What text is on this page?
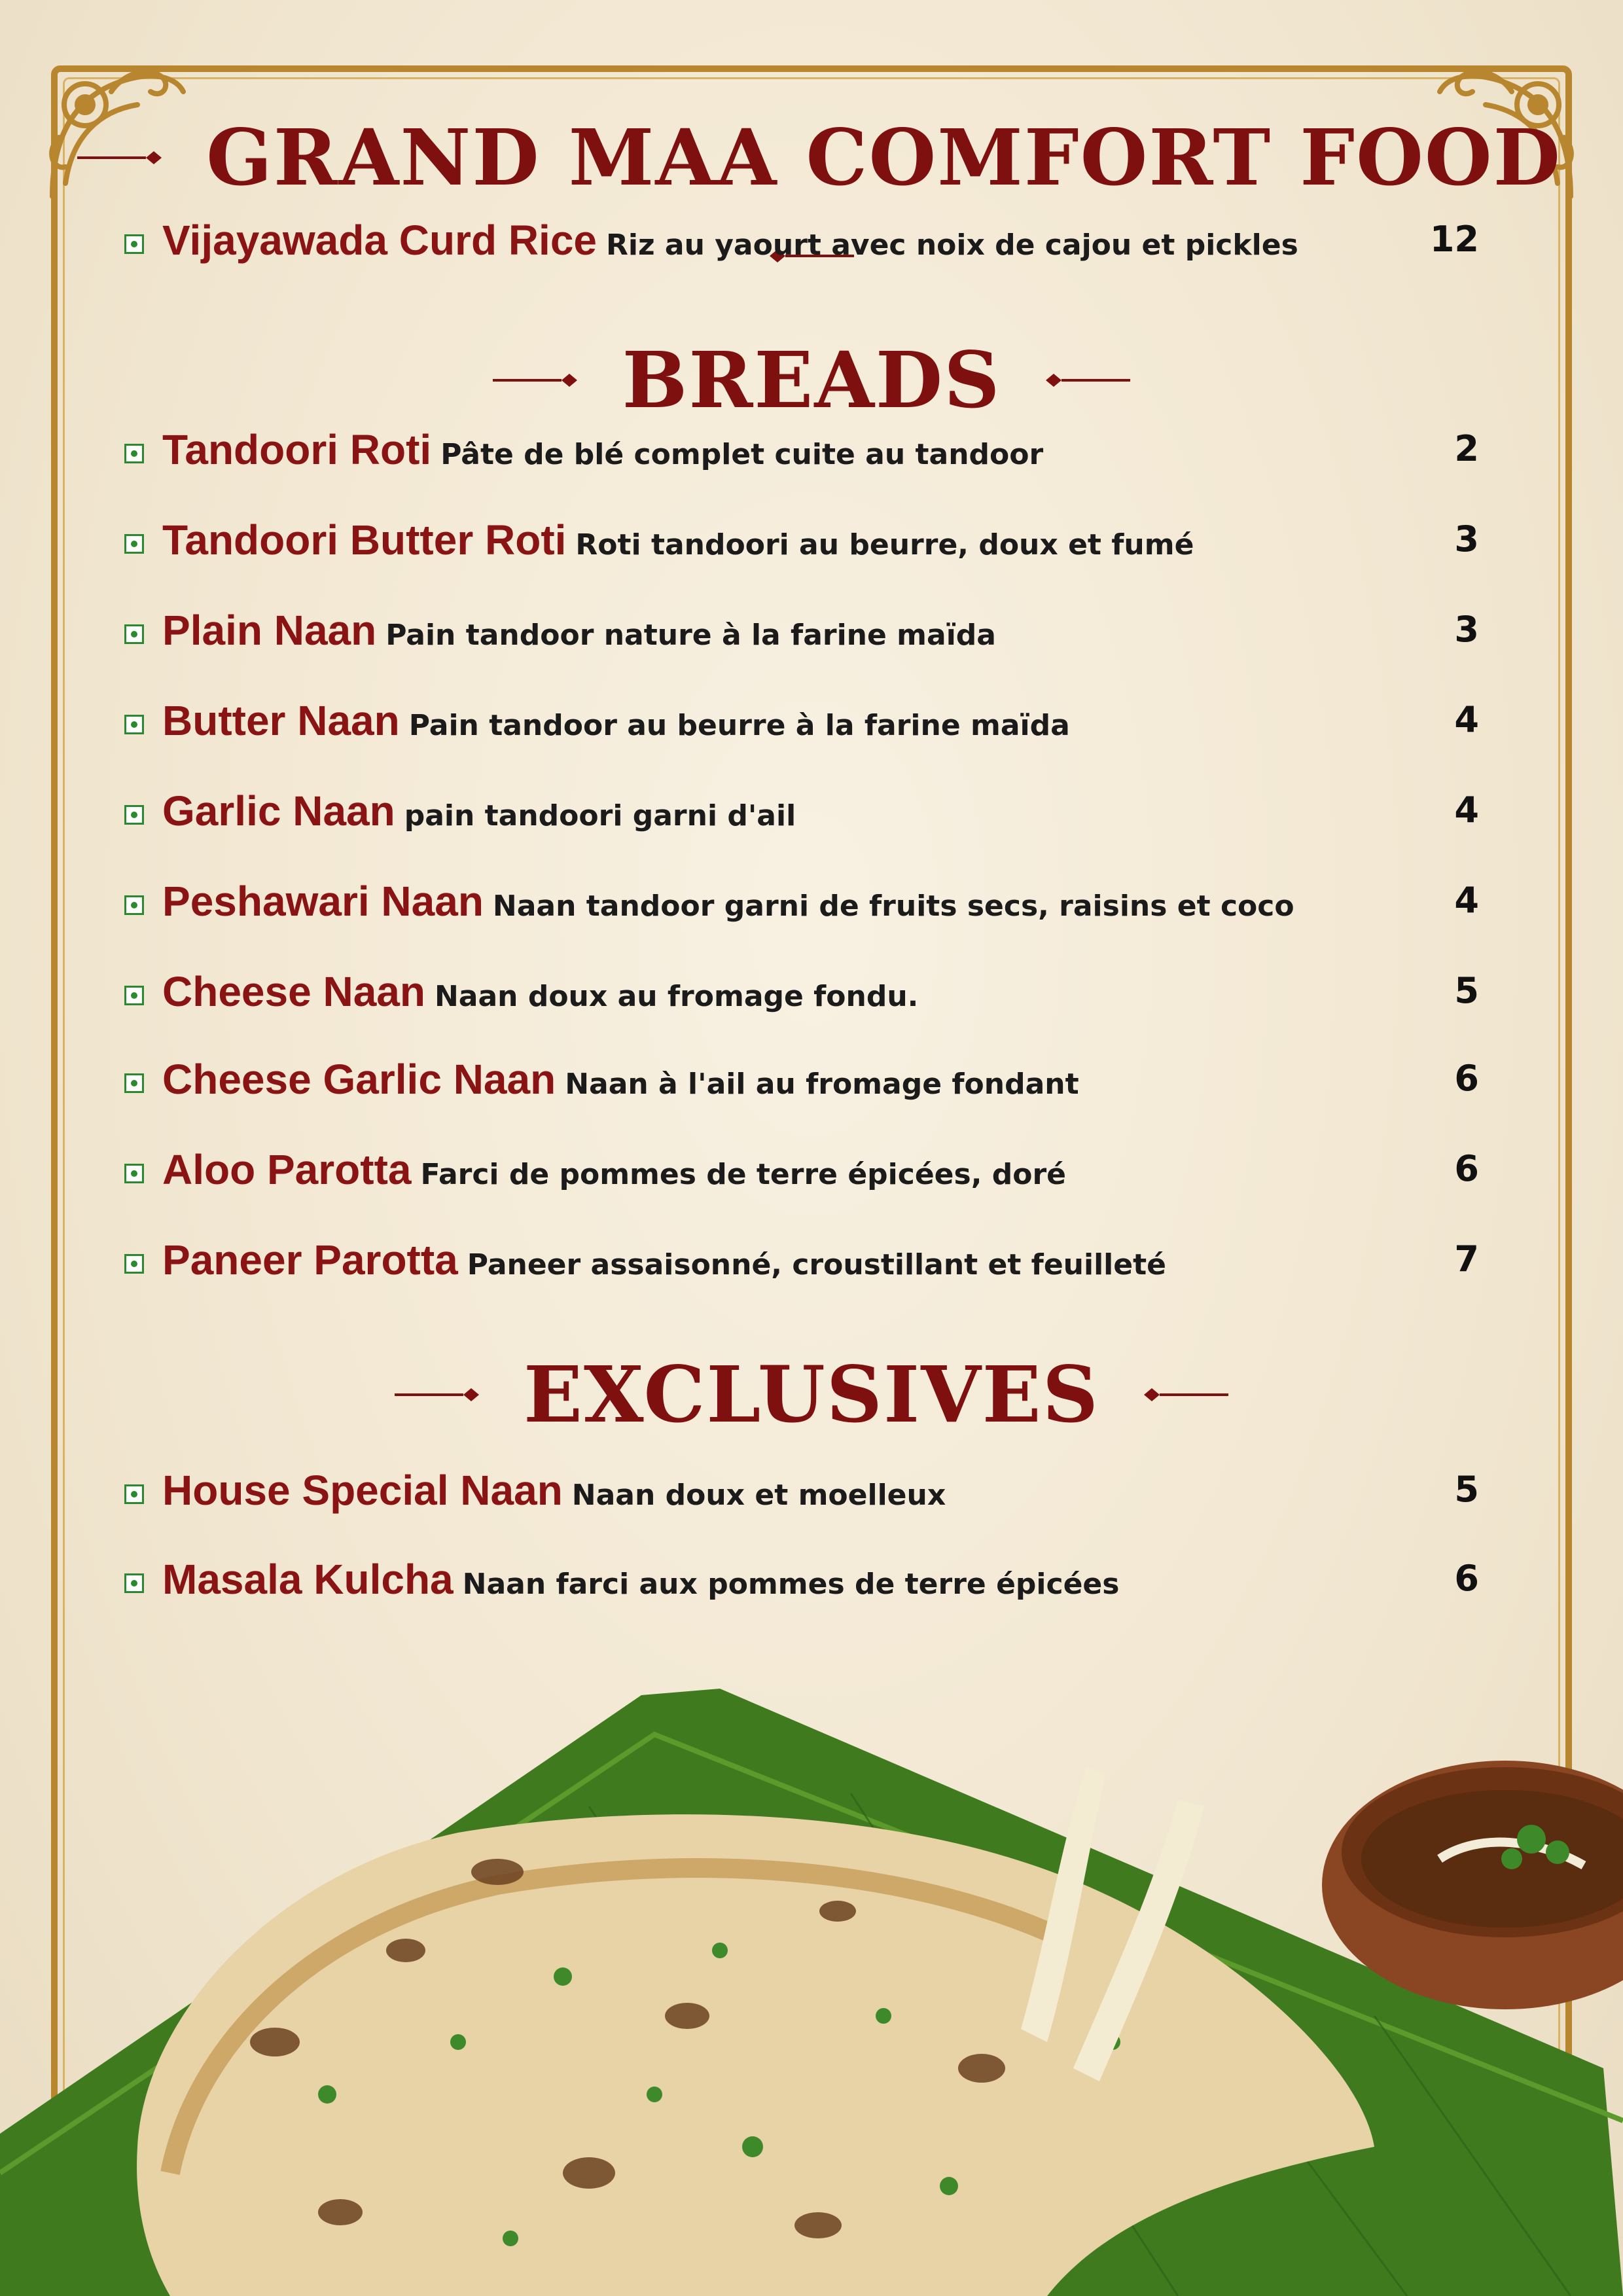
GRAND MAA COMFORT FOOD
Vijayawada Curd Rice Riz au yaourt avec noix de cajou et pickles	12
BREADS
Tandoori Roti Pâte de blé complet cuite au tandoor	2
Tandoori Butter Roti Roti tandoori au beurre, doux et fumé	3
Plain Naan Pain tandoor nature à la farine maïda	3
Butter Naan Pain tandoor au beurre à la farine maïda	4
Garlic Naan pain tandoori garni d'ail	4
Peshawari Naan Naan tandoor garni de fruits secs, raisins et coco	4
Cheese Naan Naan doux au fromage fondu.	5
Cheese Garlic Naan Naan à l'ail au fromage fondant	6
Aloo Parotta Farci de pommes de terre épicées, doré	6
Paneer Parotta Paneer assaisonné, croustillant et feuilleté	7
EXCLUSIVES
House Special Naan Naan doux et moelleux	5
Masala Kulcha Naan farci aux pommes de terre épicées	6
